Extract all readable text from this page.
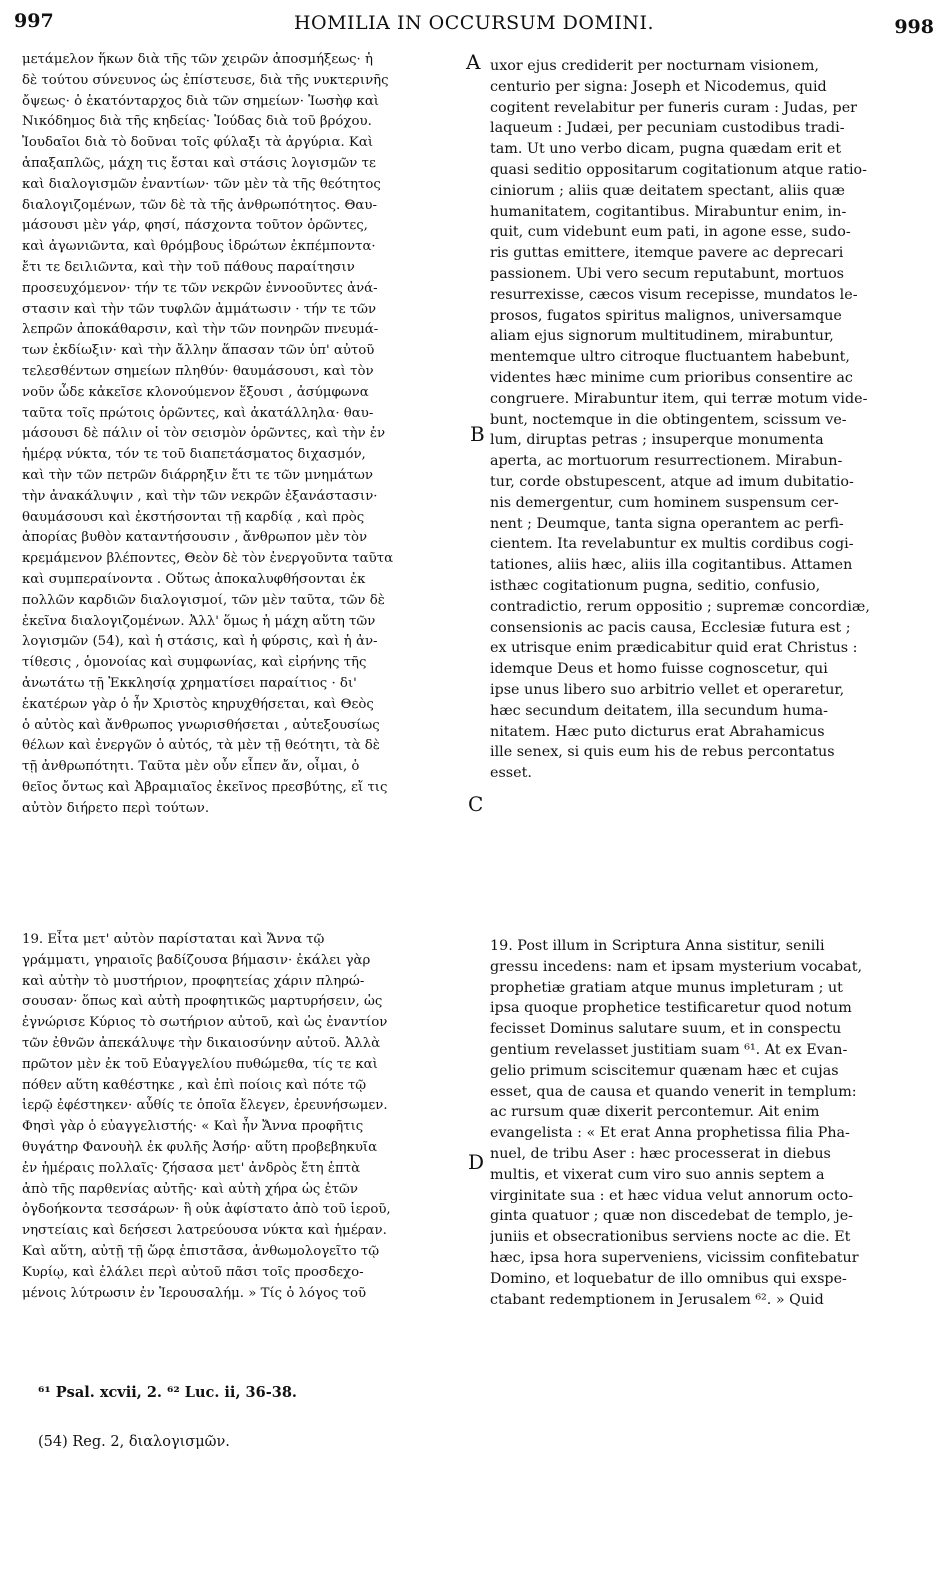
997	HOMILIA IN OCCURSUM DOMINI.	998
μετάμελον ἥκων διὰ τῆς τῶν χειρῶν ἀποσμήξεως· ἡ
δὲ τούτου σύνευνος ὡς ἐπίστευσε, διὰ τῆς νυκτερινῆς
ὄψεως· ὁ ἑκατόνταρχος διὰ τῶν σημείων· Ἰωσὴφ καὶ
Νικόδημος διὰ τῆς κηδείας· Ἰούδας διὰ τοῦ βρόχου.
Ἰουδαῖοι διὰ τὸ δοῦναι τοῖς φύλαξι τὰ ἀργύρια. Καὶ
ἁπαξαπλῶς, μάχη τις ἔσται καὶ στάσις λογισμῶν τε
καὶ διαλογισμῶν ἐναντίων· τῶν μὲν τὰ τῆς θεότητος
διαλογιζομένων, τῶν δὲ τὰ τῆς ἀνθρωπότητος. Θαυ-
μάσουσι μὲν γάρ, φησί, πάσχοντα τοῦτον ὁρῶντες,
καὶ ἀγωνιῶντα, καὶ θρόμβους ἱδρώτων ἐκπέμποντα·
ἔτι τε δειλιῶντα, καὶ τὴν τοῦ πάθους παραίτησιν
προσευχόμενον· τήν τε τῶν νεκρῶν ἐννοοῦντες ἀνά-
στασιν καὶ τὴν τῶν τυφλῶν ἀμμάτωσιν · τήν τε τῶν
λεπρῶν ἀποκάθαρσιν, καὶ τὴν τῶν πονηρῶν πνευμά-
των ἐκδίωξιν· καὶ τὴν ἄλλην ἅπασαν τῶν ὑπ' αὐτοῦ
τελεσθέντων σημείων πληθύν· θαυμάσουσι, καὶ τὸν
νοῦν ὧδε κἀκεῖσε κλονούμενον ἕξουσι , ἀσύμφωνα
ταῦτα τοῖς πρώτοις ὁρῶντες, καὶ ἀκατάλληλα· θαυ-
μάσουσι δὲ πάλιν οἱ τὸν σεισμὸν ὁρῶντες, καὶ τὴν ἐν
ἡμέρᾳ νύκτα, τόν τε τοῦ διαπετάσματος διχασμόν,
καὶ τὴν τῶν πετρῶν διάρρηξιν ἔτι τε τῶν μνημάτων
τὴν ἀνακάλυψιν , καὶ τὴν τῶν νεκρῶν ἐξανάστασιν·
θαυμάσουσι καὶ ἐκστήσονται τῇ καρδίᾳ , καὶ πρὸς
ἀπορίας βυθὸν καταντήσουσιν , ἄνθρωπον μὲν τὸν
κρεμάμενον βλέποντες, Θεὸν δὲ τὸν ἐνεργοῦντα ταῦτα
καὶ συμπεραίνοντα . Οὕτως ἀποκαλυφθήσονται ἐκ
πολλῶν καρδιῶν διαλογισμοί, τῶν μὲν ταῦτα, τῶν δὲ
ἐκεῖνα διαλογιζομένων. Ἀλλ' ὅμως ἡ μάχη αὕτη τῶν
λογισμῶν (54), καὶ ἡ στάσις, καὶ ἡ φύρσις, καὶ ἡ ἀν-
τίθεσις , ὁμονοίας καὶ συμφωνίας, καὶ εἰρήνης τῆς
ἀνωτάτω τῇ Ἐκκλησίᾳ χρηματίσει παραίτιος · δι'
ἑκατέρων γὰρ ὁ ἦν Χριστὸς κηρυχθήσεται, καὶ Θεὸς
ὁ αὐτὸς καὶ ἄνθρωπος γνωρισθήσεται , αὐτεξουσίως
θέλων καὶ ἐνεργῶν ὁ αὐτός, τὰ μὲν τῇ θεότητι, τὰ δὲ
τῇ ἀνθρωπότητι. Ταῦτα μὲν οὖν εἶπεν ἄν, οἶμαι, ὁ
θεῖος ὄντως καὶ Ἀβραμιαῖος ἐκεῖνος πρεσβύτης, εἴ τις
αὐτὸν διήρετο περὶ τούτων.
19. Εἶτα μετ' αὐτὸν παρίσταται καὶ Ἄννα τῷ
γράμματι, γηραιοῖς βαδίζουσα βήμασιν· ἐκάλει γὰρ
καὶ αὐτὴν τὸ μυστήριον, προφητείας χάριν πληρώ-
σουσαν· ὅπως καὶ αὐτὴ προφητικῶς μαρτυρήσειν, ὡς
ἐγνώρισε Κύριος τὸ σωτήριον αὐτοῦ, καὶ ὡς ἐναντίον
τῶν ἐθνῶν ἀπεκάλυψε τὴν δικαιοσύνην αὐτοῦ. Ἀλλὰ
πρῶτον μὲν ἐκ τοῦ Εὐαγγελίου πυθώμεθα, τίς τε καὶ
πόθεν αὕτη καθέστηκε , καὶ ἐπὶ ποίοις καὶ πότε τῷ
ἱερῷ ἐφέστηκεν· αὖθίς τε ὁποῖα ἔλεγεν, ἐρευνήσωμεν.
Φησὶ γὰρ ὁ εὐαγγελιστής· « Καὶ ἦν Ἄννα προφῆτις
θυγάτηρ Φανουὴλ ἐκ φυλῆς Ἀσήρ· αὕτη προβεβηκυῖα
ἐν ἡμέραις πολλαῖς· ζήσασα μετ' ἀνδρὸς ἔτη ἑπτὰ
ἀπὸ τῆς παρθενίας αὐτῆς· καὶ αὐτὴ χήρα ὡς ἐτῶν
ὀγδοήκοντα τεσσάρων· ἣ οὐκ ἀφίστατο ἀπὸ τοῦ ἱεροῦ,
νηστείαις καὶ δεήσεσι λατρεύουσα νύκτα καὶ ἡμέραν.
Καὶ αὕτη, αὐτῇ τῇ ὥρᾳ ἐπιστᾶσα, ἀνθωμολογεῖτο τῷ
Κυρίῳ, καὶ ἐλάλει περὶ αὐτοῦ πᾶσι τοῖς προσδεχο-
μένοις λύτρωσιν ἐν Ἱερουσαλήμ. » Τίς ὁ λόγος τοῦ
uxor ejus crediderit per nocturnam visionem,
centurio per signa: Joseph et Nicodemus, quid
cogitent revelabitur per funeris curam : Judas, per
laqueum : Judæi, per pecuniam custodibus tradi-
tam. Ut uno verbo dicam, pugna quædam erit et
quasi seditio oppositarum cogitationum atque ratio-
ciniorum ; aliis quæ deitatem spectant, aliis quæ
humanitatem, cogitantibus. Mirabuntur enim, in-
quit, cum videbunt eum pati, in agone esse, sudo-
ris guttas emittere, itemque pavere ac deprecari
passionem. Ubi vero secum reputabunt, mortuos
resurrexisse, cæcos visum recepisse, mundatos le-
prosos, fugatos spiritus malignos, universamque
aliam ejus signorum multitudinem, mirabuntur,
mentemque ultro citroque fluctuantem habebunt,
videntes hæc minime cum prioribus consentire ac
congruere. Mirabuntur item, qui terræ motum vide-
bunt, noctemque in die obtingentem, scissum ve-
lum, diruptas petras ; insuperque monumenta
aperta, ac mortuorum resurrectionem. Mirabun-
tur, corde obstupescent, atque ad imum dubitatio-
nis demergentur, cum hominem suspensum cer-
nent ; Deumque, tanta signa operantem ac perfi-
cientem. Ita revelabuntur ex multis cordibus cogi-
tationes, aliis hæc, aliis illa cogitantibus. Attamen
isthæc cogitationum pugna, seditio, confusio,
contradictio, rerum oppositio ; supremæ concordiæ,
consensionis ac pacis causa, Ecclesiæ futura est ;
ex utrisque enim prædicabitur quid erat Christus :
idemque Deus et homo fuisse cognoscetur, qui
ipse unus libero suo arbitrio vellet et operaretur,
hæc secundum deitatem, illa secundum huma-
nitatem. Hæc puto dicturus erat Abrahamicus
ille senex, si quis eum his de rebus percontatus
esset.
19. Post illum in Scriptura Anna sistitur, senili
gressu incedens: nam et ipsam mysterium vocabat,
prophetiæ gratiam atque munus impleturam ; ut
ipsa quoque prophetice testificaretur quod notum
fecisset Dominus salutare suum, et in conspectu
gentium revelasset justitiam suam ⁶¹. At ex Evan-
gelio primum sciscitemur quænam hæc et cujas
esset, qua de causa et quando venerit in templum:
ac rursum quæ dixerit percontemur. Ait enim
evangelista : « Et erat Anna prophetissa filia Pha-
nuel, de tribu Aser : hæc processerat in diebus
multis, et vixerat cum viro suo annis septem a
virginitate sua : et hæc vidua velut annorum octo-
ginta quatuor ; quæ non discedebat de templo, je-
juniis et obsecrationibus serviens nocte ac die. Et
hæc, ipsa hora superveniens, vicissim confitebatur
Domino, et loquebatur de illo omnibus qui exspe-
ctabant redemptionem in Jerusalem ⁶². » Quid
A
B
C
D
⁶¹ Psal. xcvii, 2. ⁶² Luc. ii, 36-38.
(54) Reg. 2, διαλογισμῶν.
